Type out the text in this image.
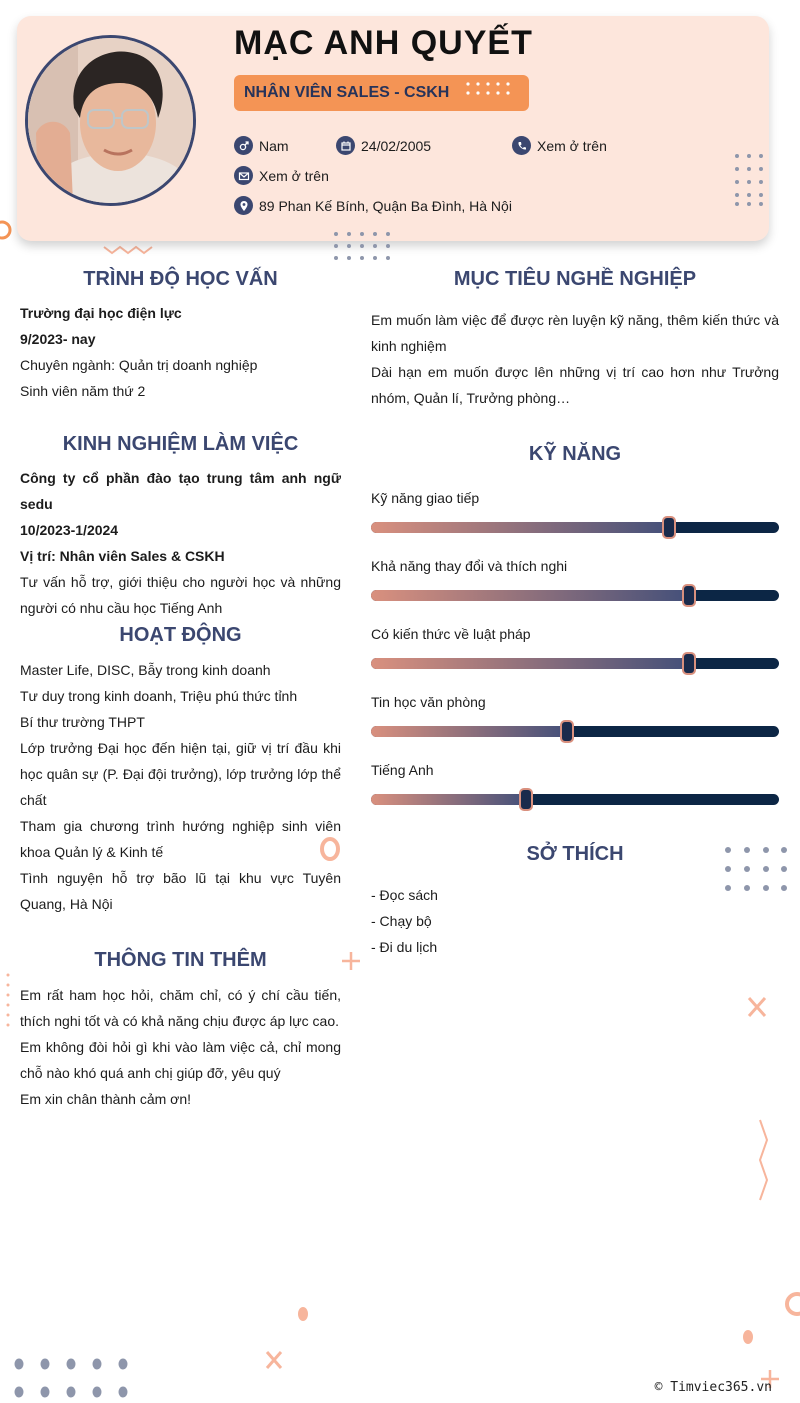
MẠC ANH QUYẾT
NHÂN VIÊN SALES - CSKH
Nam	24/02/2005	Xem ở trên
Xem ở trên
89 Phan Kế Bính, Quận Ba Đình, Hà Nội
TRÌNH ĐỘ HỌC VẤN

Trường đại học điện lực

9/2023- nay

Chuyên ngành: Quản trị doanh nghiệp

Sinh viên năm thứ 2

KINH NGHIỆM LÀM VIỆC

Công ty cổ phần đào tạo trung tâm anh ngữ sedu

10/2023-1/2024

Vị trí: Nhân viên Sales & CSKH

Tư vấn hỗ trợ, giới thiệu cho người học và những người có nhu cầu học Tiếng Anh

HOẠT ĐỘNG

Master Life, DISC, Bẫy trong kinh doanh

Tư duy trong kinh doanh, Triệu phú thức tỉnh

Bí thư trường THPT

Lớp trưởng Đại học đến hiện tại, giữ vị trí đầu khi học quân sự (P. Đại đội trưởng), lớp trưởng lớp thể chất

Tham gia chương trình hướng nghiệp sinh viên khoa Quản lý & Kinh tế

Tình nguyện hỗ trợ bão lũ tại khu vực Tuyên Quang, Hà Nội

THÔNG TIN THÊM

Em rất ham học hỏi, chăm chỉ, có ý chí cầu tiến, thích nghi tốt và có khả năng chịu được áp lực cao.

Em không đòi hỏi gì khi vào làm việc cả, chỉ mong chỗ nào khó quá anh chị giúp đỡ, yêu quý

Em xin chân thành cảm ơn!

MỤC TIÊU NGHỀ NGHIỆP

Em muốn làm việc để được rèn luyện kỹ năng, thêm kiến thức và kinh nghiệm

Dài hạn em muốn được lên những vị trí cao hơn như Trưởng nhóm, Quản lí, Trưởng phòng…

KỸ NĂNG
Kỹ năng giao tiếp
Khả năng thay đổi và thích nghi
Có kiến thức về luật pháp
Tin học văn phòng
Tiếng Anh
SỞ THÍCH

- Đọc sách

- Chạy bộ

- Đi du lịch

© Timviec365.vn
